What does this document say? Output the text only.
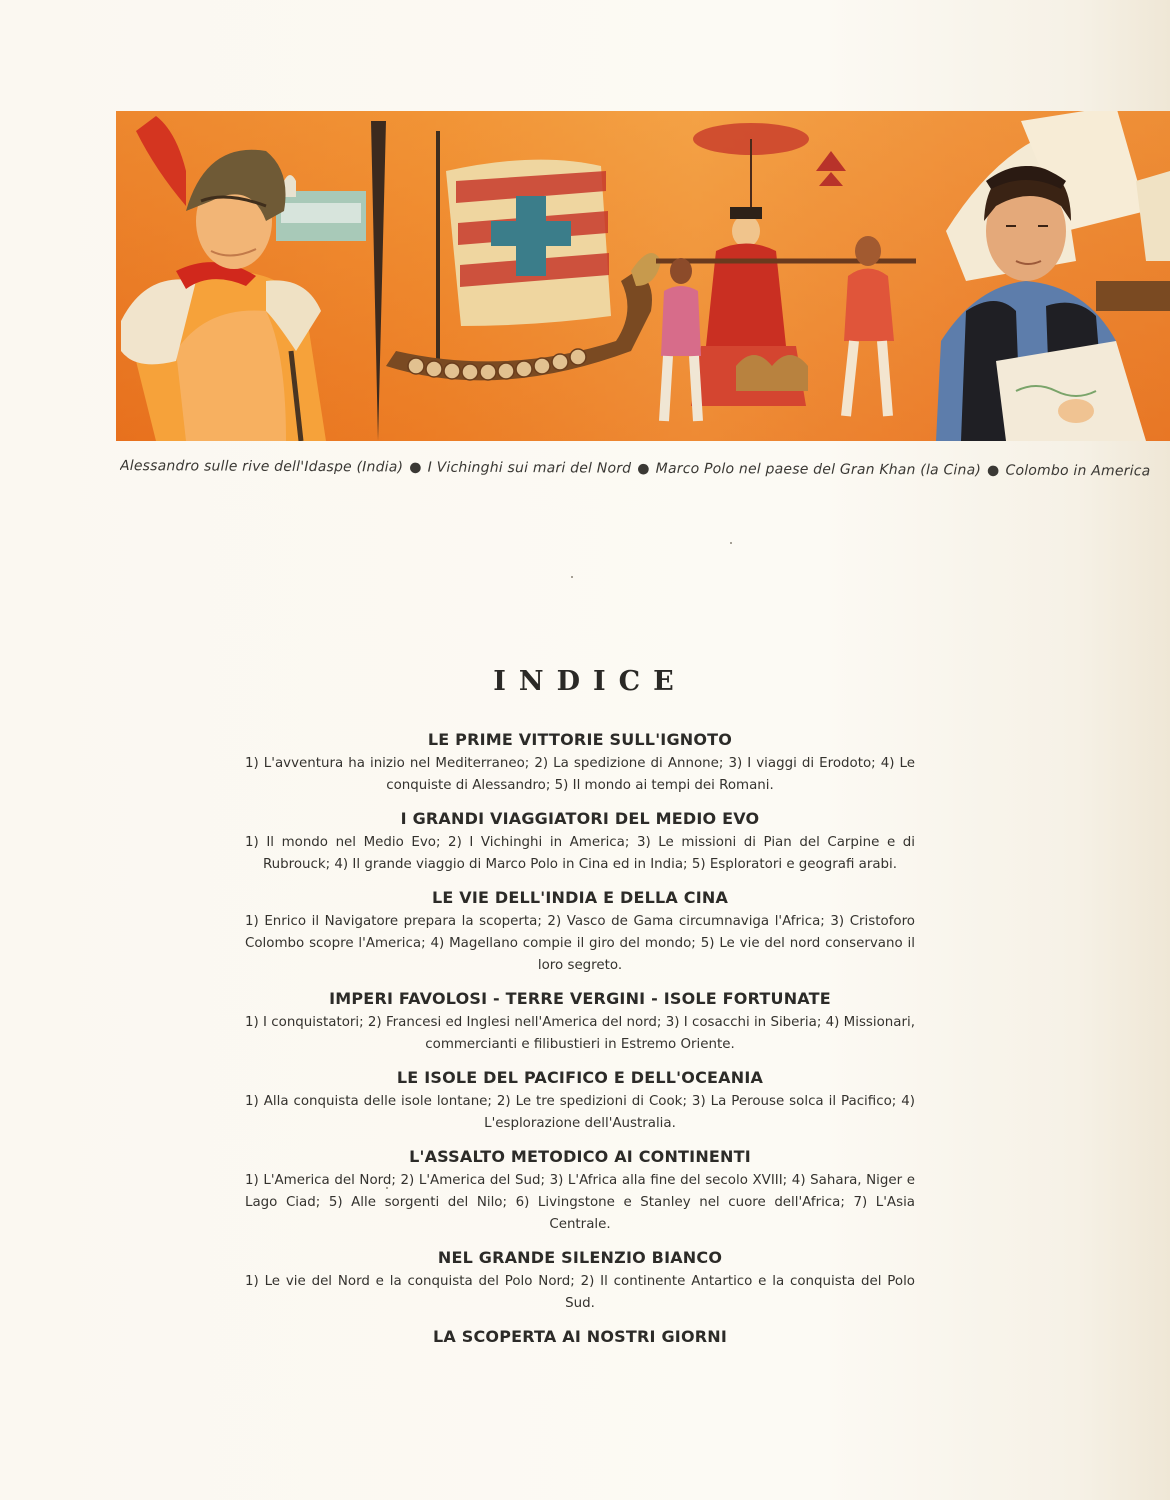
Alessandro sulle rive dell'Idaspe (India) ● I Vichinghi sui mari del Nord ● Marco Polo nel paese del Gran Khan (la Cina) ● Colombo in America
INDICE
LE PRIME VITTORIE SULL'IGNOTO

1) L'avventura ha inizio nel Mediterraneo; 2) La spedizione di Annone; 3) I viaggi di Erodoto; 4) Le conquiste di Alessandro; 5) Il mondo ai tempi dei Romani.

I GRANDI VIAGGIATORI DEL MEDIO EVO

1) Il mondo nel Medio Evo; 2) I Vichinghi in America; 3) Le missioni di Pian del Carpine e di Rubrouck; 4) Il grande viaggio di Marco Polo in Cina ed in India; 5) Esploratori e geografi arabi.

LE VIE DELL'INDIA E DELLA CINA

1) Enrico il Navigatore prepara la scoperta; 2) Vasco de Gama circumnaviga l'Africa; 3) Cristoforo Colombo scopre l'America; 4) Magellano compie il giro del mondo; 5) Le vie del nord conservano il loro segreto.

IMPERI FAVOLOSI - TERRE VERGINI - ISOLE FORTUNATE

1) I conquistatori; 2) Francesi ed Inglesi nell'America del nord; 3) I cosacchi in Siberia; 4) Missionari, commercianti e filibustieri in Estremo Oriente.

LE ISOLE DEL PACIFICO E DELL'OCEANIA

1) Alla conquista delle isole lontane; 2) Le tre spedizioni di Cook; 3) La Perouse solca il Pacifico; 4) L'esplorazione dell'Australia.

L'ASSALTO METODICO AI CONTINENTI

1) L'America del Nord; 2) L'America del Sud; 3) L'Africa alla fine del secolo XVIII; 4) Sahara, Niger e Lago Ciad; 5) Alle sorgenti del Nilo; 6) Livingstone e Stanley nel cuore dell'Africa; 7) L'Asia Centrale.

NEL GRANDE SILENZIO BIANCO

1) Le vie del Nord e la conquista del Polo Nord; 2) Il continente Antartico e la conquista del Polo Sud.

LA SCOPERTA AI NOSTRI GIORNI
